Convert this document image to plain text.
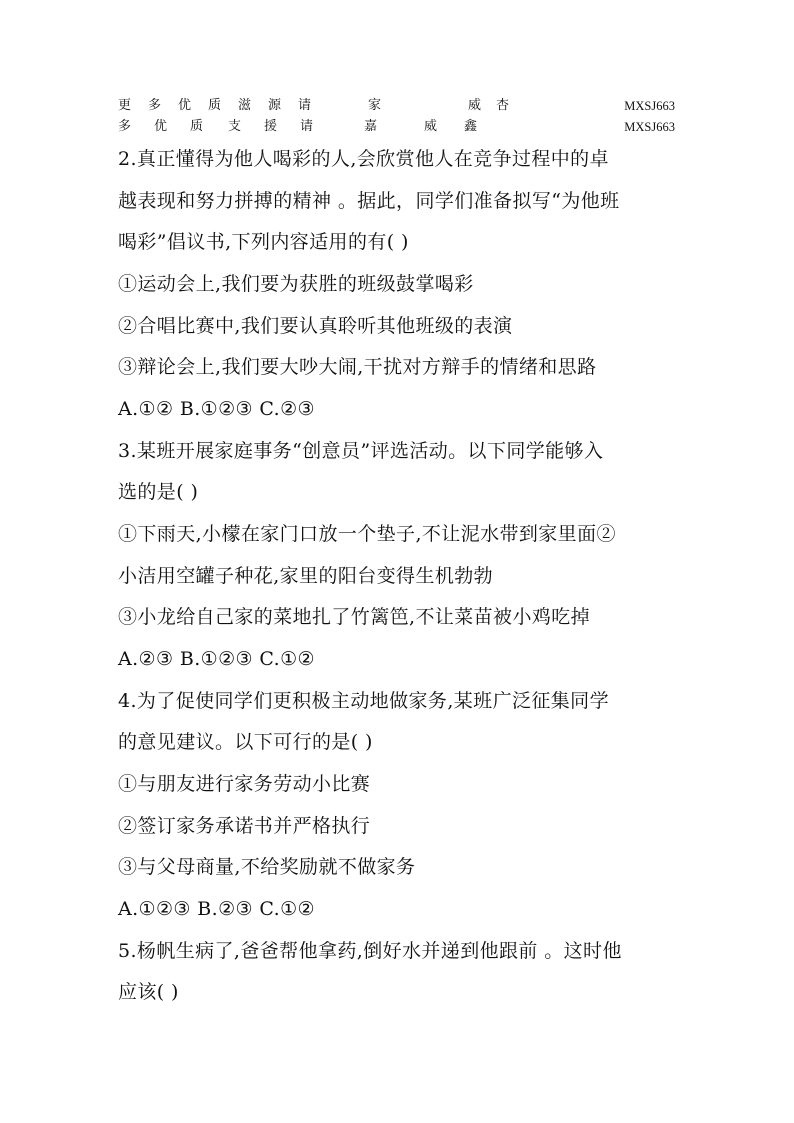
更 多 优 质 滋 源 请	家	威 杏	MXSJ663
多 优 质 支 援 请	嘉	威 鑫	MXSJ663
2.真正懂得为他人喝彩的人,会欣赏他人在竞争过程中的卓
越表现和努力拼搏的精神 。据此，同学们准备拟写“为他班
喝彩”倡议书,下列内容适用的有( )
①运动会上,我们要为获胜的班级鼓掌喝彩
②合唱比赛中,我们要认真聆听其他班级的表演
③辩论会上,我们要大吵大闹,干扰对方辩手的情绪和思路
A.①② B.①②③ C.②③
3.某班开展家庭事务“创意员”评选活动。以下同学能够入
选的是( )
①下雨天,小檬在家门口放一个垫子,不让泥水带到家里面②
小洁用空罐子种花,家里的阳台变得生机勃勃
③小龙给自己家的菜地扎了竹篱笆,不让菜苗被小鸡吃掉
A.②③ B.①②③ C.①②
4.为了促使同学们更积极主动地做家务,某班广泛征集同学
的意见建议。以下可行的是( )
①与朋友进行家务劳动小比赛
②签订家务承诺书并严格执行
③与父母商量,不给奖励就不做家务
A.①②③ B.②③ C.①②
5.杨帆生病了,爸爸帮他拿药,倒好水并递到他跟前 。这时他
应该( )
